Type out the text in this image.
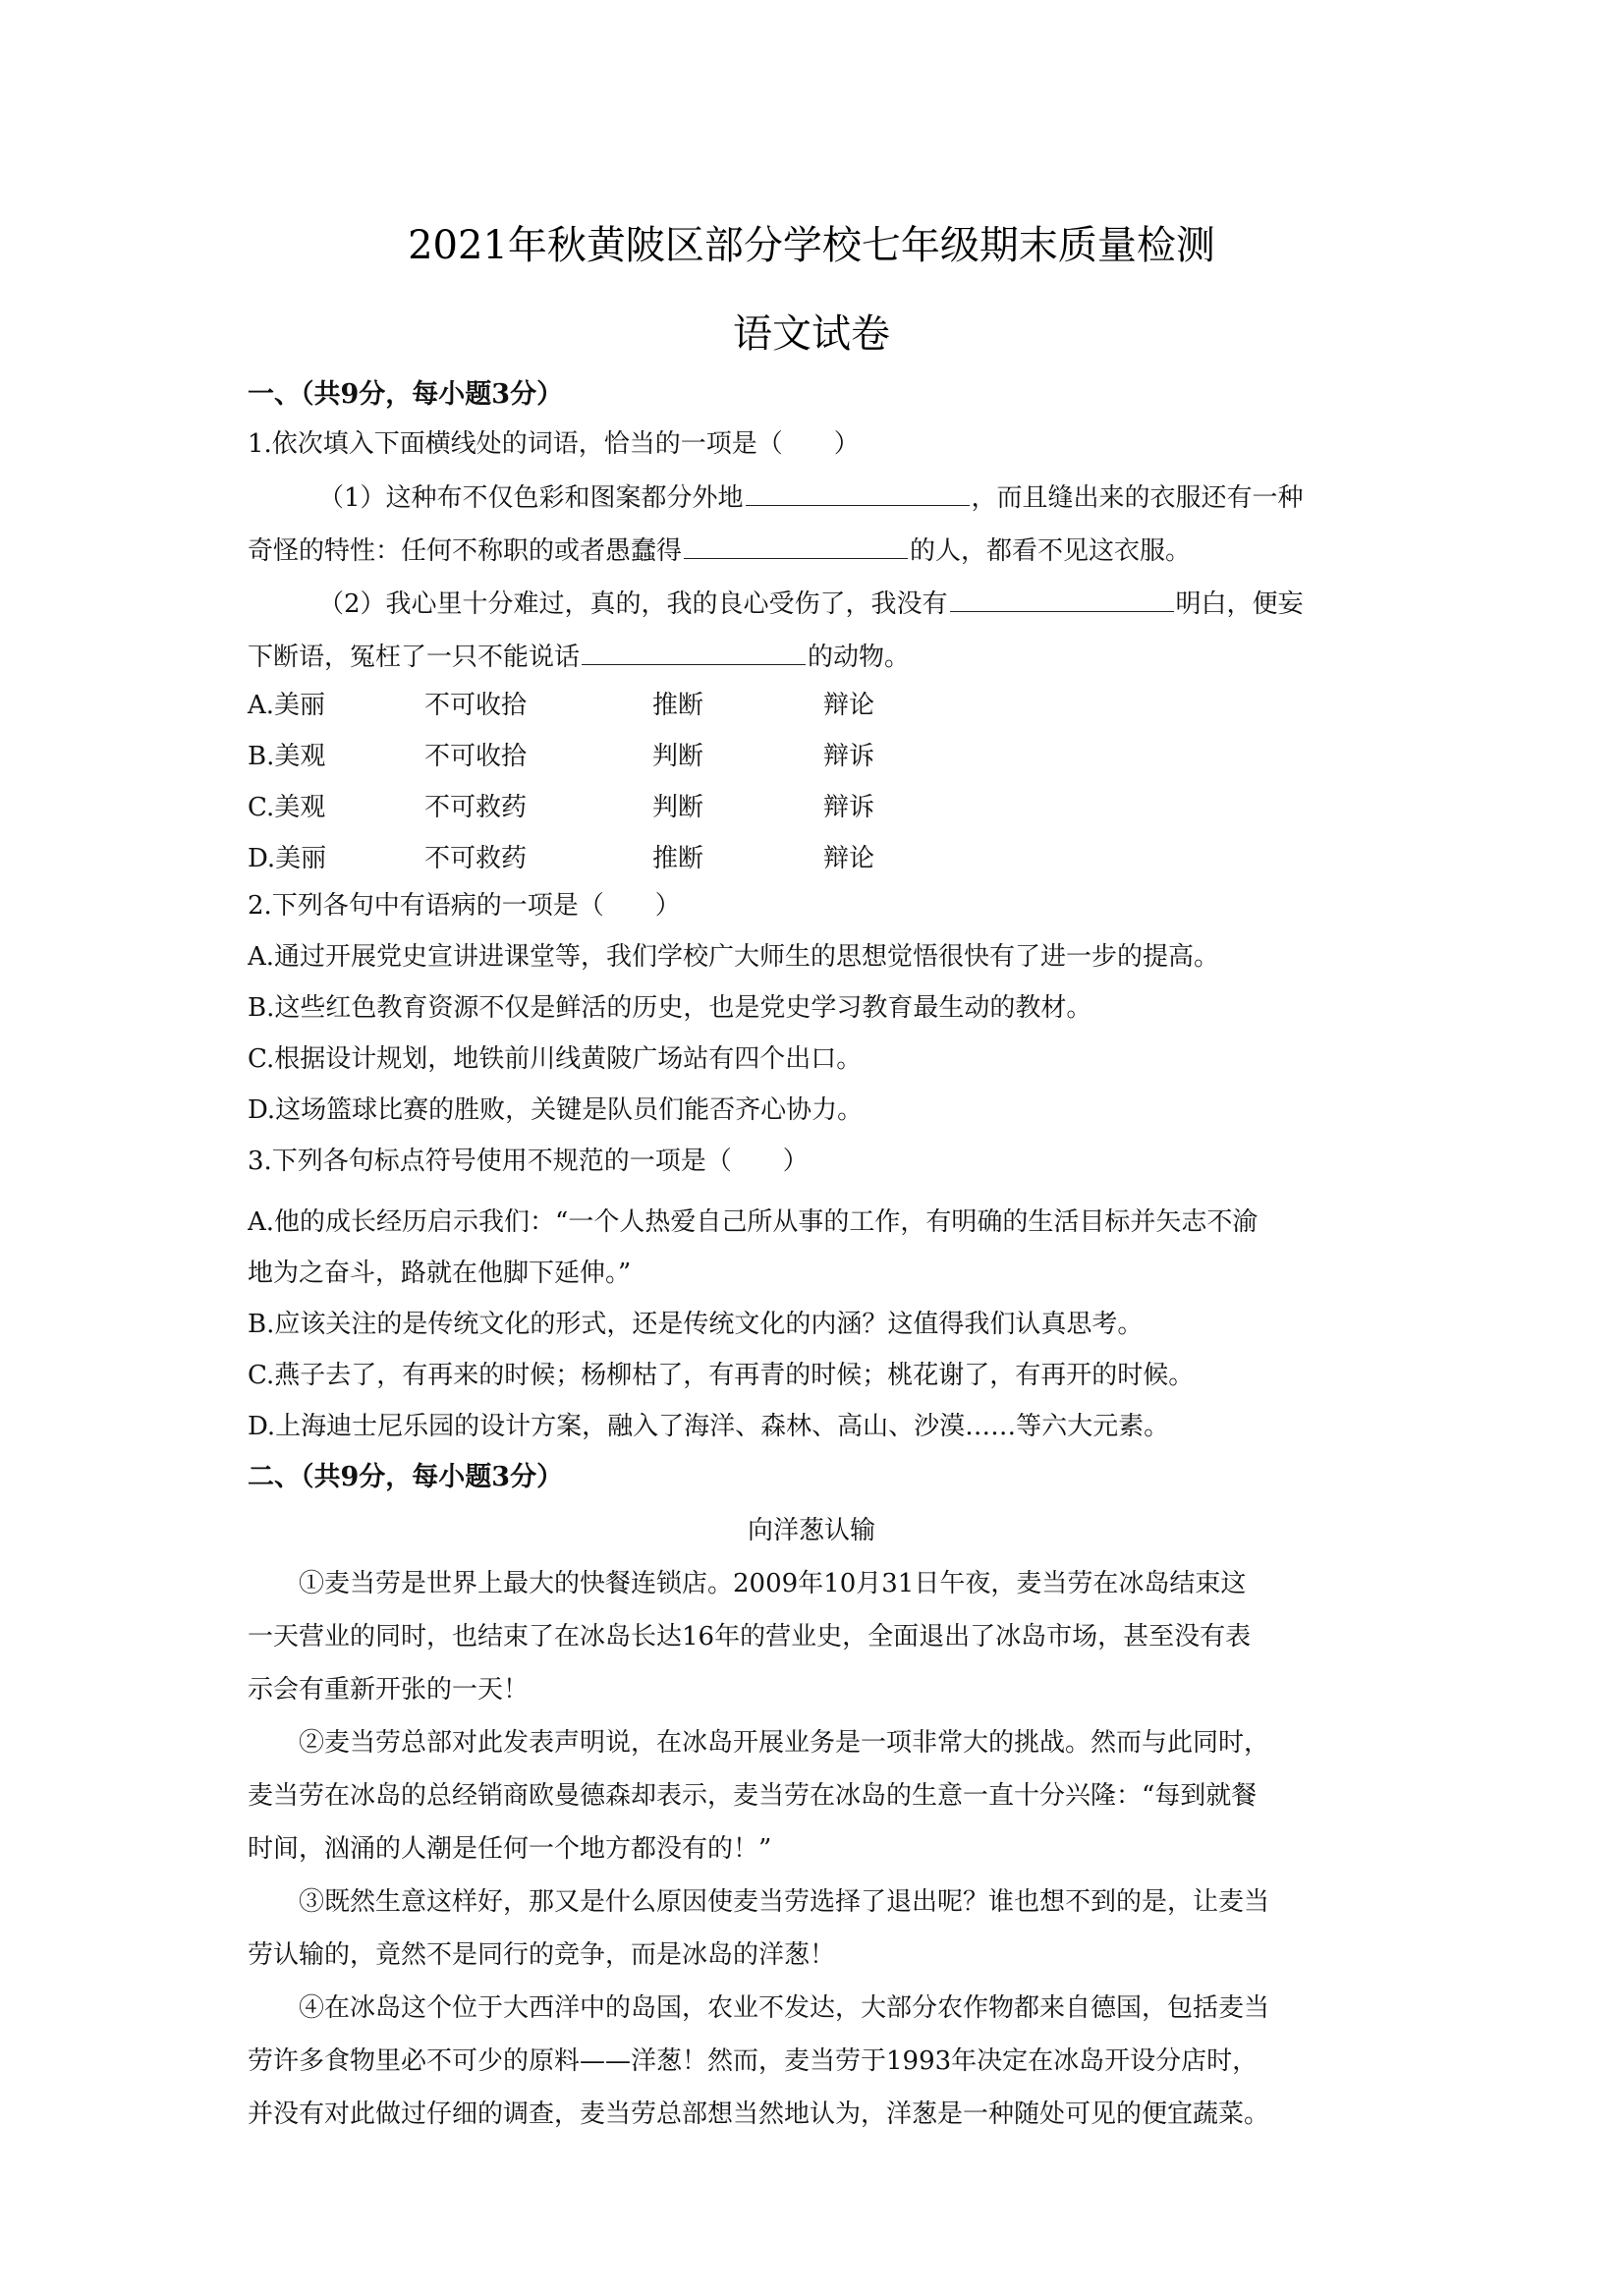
2021年秋黄陂区部分学校七年级期末质量检测
语文试卷
一、（共9分，每小题3分）
1.依次填入下面横线处的词语，恰当的一项是（　　）
（1）这种布不仅色彩和图案都分外地	，而且缝出来的衣服还有一种
奇怪的特性：任何不称职的或者愚蠢得	的人，都看不见这衣服。
（2）我心里十分难过，真的，我的良心受伤了，我没有	明白，便妄
下断语，冤枉了一只不能说话	的动物。
A.美丽	不可收拾	推断	辩论
B.美观	不可收拾	判断	辩诉
C.美观	不可救药	判断	辩诉
D.美丽	不可救药	推断	辩论
2.下列各句中有语病的一项是（　　）
A.通过开展党史宣讲进课堂等，我们学校广大师生的思想觉悟很快有了进一步的提高。
B.这些红色教育资源不仅是鲜活的历史，也是党史学习教育最生动的教材。
C.根据设计规划，地铁前川线黄陂广场站有四个出口。
D.这场篮球比赛的胜败，关键是队员们能否齐心协力。
3.下列各句标点符号使用不规范的一项是（　　）
A.他的成长经历启示我们：“一个人热爱自己所从事的工作，有明确的生活目标并矢志不渝
地为之奋斗，路就在他脚下延伸。”
B.应该关注的是传统文化的形式，还是传统文化的内涵？这值得我们认真思考。
C.燕子去了，有再来的时候；杨柳枯了，有再青的时候；桃花谢了，有再开的时候。
D.上海迪士尼乐园的设计方案，融入了海洋、森林、高山、沙漠……等六大元素。
二、（共9分，每小题3分）
向洋葱认输
①麦当劳是世界上最大的快餐连锁店。2009年10月31日午夜，麦当劳在冰岛结束这
一天营业的同时，也结束了在冰岛长达16年的营业史，全面退出了冰岛市场，甚至没有表
示会有重新开张的一天！
②麦当劳总部对此发表声明说，在冰岛开展业务是一项非常大的挑战。然而与此同时，
麦当劳在冰岛的总经销商欧曼德森却表示，麦当劳在冰岛的生意一直十分兴隆：“每到就餐
时间，汹涌的人潮是任何一个地方都没有的！”
③既然生意这样好，那又是什么原因使麦当劳选择了退出呢？谁也想不到的是，让麦当
劳认输的，竟然不是同行的竞争，而是冰岛的洋葱！
④在冰岛这个位于大西洋中的岛国，农业不发达，大部分农作物都来自德国，包括麦当
劳许多食物里必不可少的原料——洋葱！然而，麦当劳于1993年决定在冰岛开设分店时，
并没有对此做过仔细的调查，麦当劳总部想当然地认为，洋葱是一种随处可见的便宜蔬菜。
